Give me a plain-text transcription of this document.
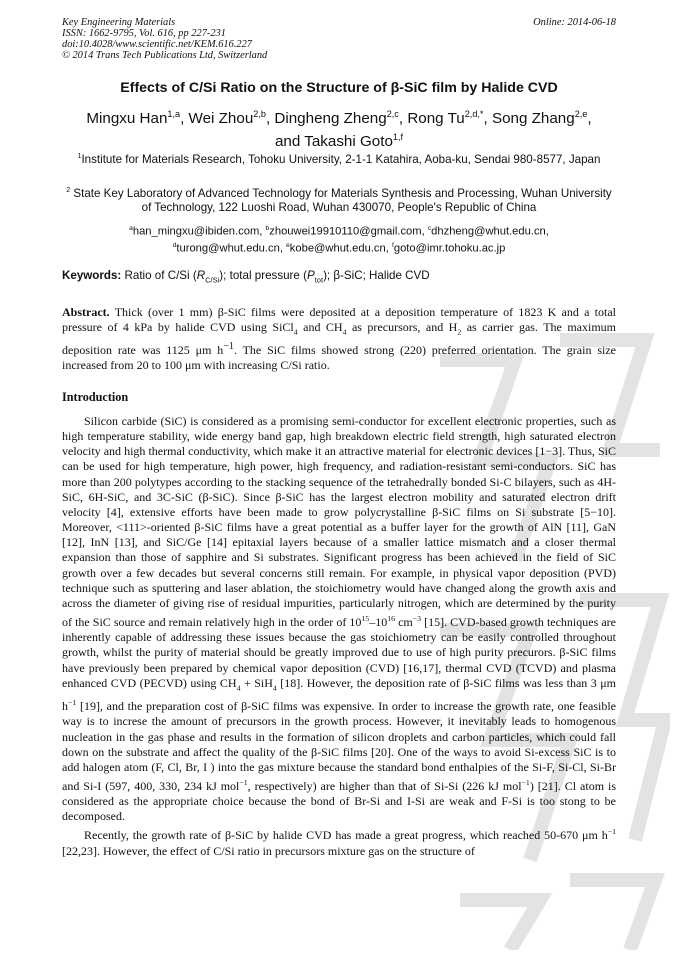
Key Engineering Materials
ISSN: 1662-9795, Vol. 616, pp 227-231
doi:10.4028/www.scientific.net/KEM.616.227
© 2014 Trans Tech Publications Ltd, Switzerland
Online: 2014-06-18
Effects of C/Si Ratio on the Structure of β-SiC film by Halide CVD
Mingxu Han$^{1,a}$, Wei Zhou$^{2,b}$, Dingheng Zheng$^{2,c}$, Rong $Tu^{2,d,*}$, Song Zhang$^{2,e}$,
and Takashi Goto$^{1,f}$
$^1$Institute for Materials Research, Tohoku University, 2-1-1 Katahira, Aoba-ku, Sendai 980-8577, Japan
$^2$ State Key Laboratory of Advanced Technology for Materials Synthesis and Processing, Wuhan University of Technology, 122 Luoshi Road, Wuhan 430070, People's Republic of China
$^a$han_mingxu@ibiden.com, $^b$zhouwei19910110@gmail.com, $^c$dhzheng@whut.edu.cn,
$^d$turong@whut.edu.cn, $^e$kobe@whut.edu.cn, $^f$goto@imr.tohoku.ac.jp
Keywords: Ratio of C/Si $(R_{C/Si})$; total pressure $(P_{tot})$; β-SiC; Halide CVD
Abstract. Thick (over 1 mm) β-SiC films were deposited at a deposition temperature of 1823 K and a total pressure of 4 kPa by halide CVD using SiCl$_4$ and $CH_4$ as precursors, and $H_2$ as carrier gas. The maximum deposition rate was 1125 μm $h^{-1}$. The SiC films showed strong (220) preferred orientation. The grain size increased from 20 to 100 μm with increasing C/Si ratio.
Introduction

Silicon carbide (SiC) is considered as a promising semi-conductor for excellent electronic properties, such as high temperature stability, wide energy band gap, high breakdown electric field strength, high saturated electron velocity and high thermal conductivity, which make it an attractive material for electronic devices [1−3]. Thus, SiC can be used for high temperature, high power, high frequency, and radiation-resistant semi-conductors. SiC has more than 200 polytypes according to the stacking sequence of the tetrahedrally bonded Si-C bilayers, such as 4H-SiC, 6H-SiC, and 3C-SiC (β-SiC). Since β-SiC has the largest electron mobility and saturated electron drift velocity [4], extensive efforts have been made to grow polycrystalline β-SiC films on Si substrate [5−10]. Moreover, <111>-oriented β-SiC films have a great potential as a buffer layer for the growth of AlN [11], GaN [12], InN [13], and SiC/Ge [14] epitaxial layers because of a smaller lattice mismatch and a closer thermal expansion than those of sapphire and Si substrates. Significant progress has been achieved in the field of SiC growth over a few decades but several concerns still remain. For example, in physical vapor deposition (PVD) technique such as sputtering and laser ablation, the stoichiometry would have changed along the growth axis and across the diameter of giving rise of residual impurities, particularly nitrogen, which are determined by the purity of the SiC source and remain relatively high in the order of $10^{15}-10^{16}$ $cm^{-3}$ [15]. CVD-based growth techniques are inherently capable of addressing these issues because the gas stoichiometry can be easily controlled throughout growth, whilst the purity of material should be greatly improved due to use of high purity precurors. β-SiC films have previously been prepared by chemical vapor deposition (CVD) [16,17], thermal CVD (TCVD) and plasma enhanced CVD (PECVD) using $CH_4 + SiH_4$ [18]. However, the deposition rate of β-SiC films was less than 3 μm $h^{-1}$ [19], and the preparation cost of β-SiC films was expensive. In order to increase the growth rate, one feasible way is to increse the amount of precursors in the growth process. However, it inevitably leads to homogenous nucleation in the gas phase and results in the formation of silicon droplets and carbon particles, which could fall down on the substrate and affect the quality of the β-SiC films [20]. One of the ways to avoid Si-excess SiC is to add halogen atom (F, Cl, Br, I ) into the gas mixture because the standard bond enthalpies of the Si-F, Si-Cl, Si-Br and Si-I (597, 400, 330, 234 kJ mol$^{-1}$, respectively) are higher than that of Si-Si (226 kJ mol$^{-1}$) [21]. Cl atom is considered as the appropriate choice because the bond of Br-Si and I-Si are weak and F-Si is too stong to be decomposed.

Recently, the growth rate of β-SiC by halide CVD has made a great progress, which reached 50-670 μm $h^{-1}$ [22,23]. However, the effect of C/Si ratio in precursors mixture gas on the structure of
